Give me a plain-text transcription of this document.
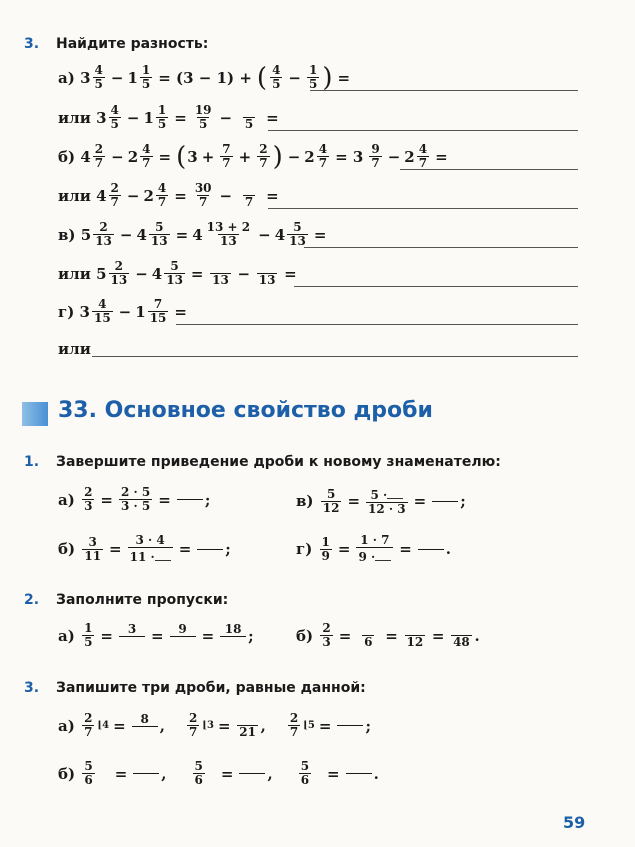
3. Найдите разность:
а)
$3 \frac{4}{5} - 1 \frac{1}{5} = (3 - 1)$ + ( $\frac{4}{5} - \frac{1}{5}$ ) =
или
$3 \frac{4}{5} - 1 \frac{1}{5} = \frac{19}{5} - 5$ =
б)
$4 \frac{2}{7} - 2 \frac{4}{7}$ = ( $3 + \frac{7}{7} + \frac{2}{7}$ ) − $2 \frac{4}{7} = 3 \frac{9}{7} - 2 \frac{4}{7}$ =
или
$4 \frac{2}{7} - 2 \frac{4}{7} = \frac{30}{7} - 7$ =
в)
$5 \frac{2}{13} - 4 \frac{5}{13} = 4 \frac{13 + 2}{13} - 4 \frac{5}{13}$ =
или
$5 \frac{2}{13} - 4 \frac{5}{13} = 13 - 13$ =
г)
$3 \frac{4}{15} - 1 \frac{7}{15}$ =
или
33. Основное свойство дроби
1. Завершите приведение дроби к новому знаменателю:
а)
$\frac{2}{3} = \frac{2 \cdot 5}{3 \cdot 5}$ = ;	в)
$\frac{5}{12} = \frac{5 \cdot}{12 \cdot 3}$ = ;
б)
$\frac{3}{11} = \frac{3 \cdot 4}{11 \cdot}$ = ;	г)
$\frac{1}{9} = \frac{1 \cdot 7}{9 \cdot}$ = .
2. Заполните пропуски:
а)
$\frac{1}{5} = 3 = 9 = 18$ ;	б)
$\frac{2}{3} = 6 = 12 = 48$ .
3. Запишите три дроби, равные данной:
а)
$\frac{2}{7}$ ⌊4 = 8 , $\frac{2}{7}$ ⌊3 = 21 , $\frac{2}{7}$ ⌊5 = ;
б)
$\frac{5}{6}$ = , $\frac{5}{6}$ = , $\frac{5}{6}$ = .
59
